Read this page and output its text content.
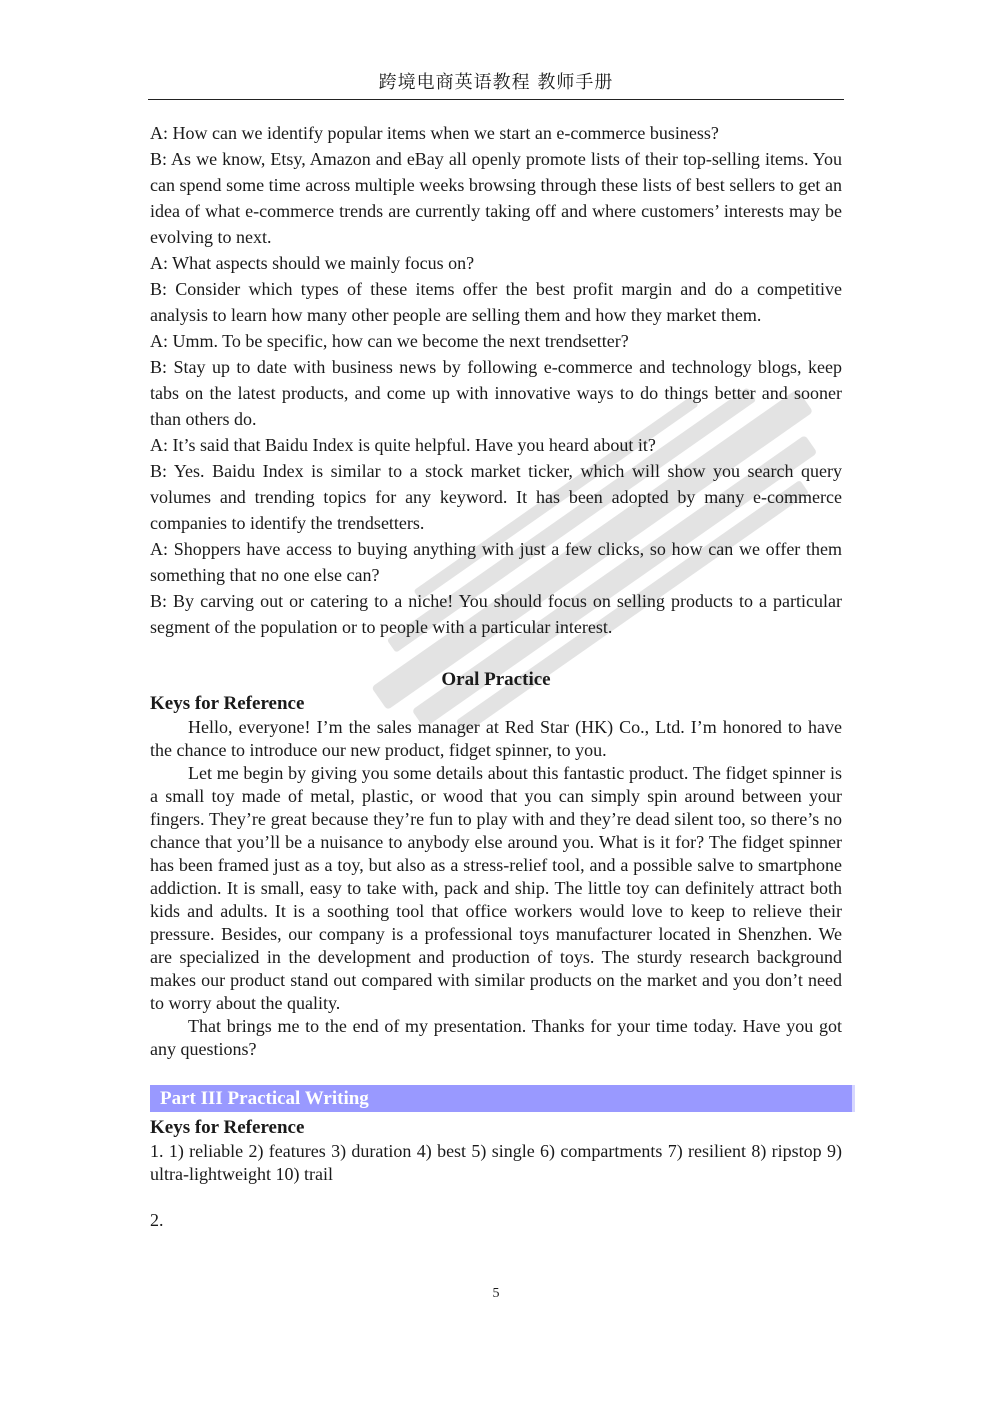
跨境电商英语教程 教师手册

A: How can we identify popular items when we start an e-commerce business?

B: As we know, Etsy, Amazon and eBay all openly promote lists of their top-selling items. You can spend some time across multiple weeks browsing through these lists of best sellers to get an idea of what e-commerce trends are currently taking off and where customers’ interests may be evolving to next.

A: What aspects should we mainly focus on?

B: Consider which types of these items offer the best profit margin and do a competitive analysis to learn how many other people are selling them and how they market them.

A: Umm. To be specific, how can we become the next trendsetter?

B: Stay up to date with business news by following e-commerce and technology blogs, keep tabs on the latest products, and come up with innovative ways to do things better and sooner than others do.

A: It’s said that Baidu Index is quite helpful. Have you heard about it?

B: Yes. Baidu Index is similar to a stock market ticker, which will show you search query volumes and trending topics for any keyword. It has been adopted by many e-commerce companies to identify the trendsetters.

A: Shoppers have access to buying anything with just a few clicks, so how can we offer them something that no one else can?

B: By carving out or catering to a niche! You should focus on selling products to a particular segment of the population or to people with a particular interest.

Oral Practice
Keys for Reference

Hello, everyone! I’m the sales manager at Red Star (HK) Co., Ltd. I’m honored to have the chance to introduce our new product, fidget spinner, to you.

Let me begin by giving you some details about this fantastic product. The fidget spinner is a small toy made of metal, plastic, or wood that you can simply spin around between your fingers. They’re great because they’re fun to play with and they’re dead silent too, so there’s no chance that you’ll be a nuisance to anybody else around you. What is it for? The fidget spinner has been framed just as a toy, but also as a stress-relief tool, and a possible salve to smartphone addiction. It is small, easy to take with, pack and ship. The little toy can definitely attract both kids and adults. It is a soothing tool that office workers would love to keep to relieve their pressure. Besides, our company is a professional toys manufacturer located in Shenzhen. We are specialized in the development and production of toys. The sturdy research background makes our product stand out compared with similar products on the market and you don’t need to worry about the quality.

That brings me to the end of my presentation. Thanks for your time today. Have you got any questions?

Part III Practical Writing
Keys for Reference

1. 1) reliable 2) features 3) duration 4) best 5) single 6) compartments 7) resilient 8) ripstop 9) ultra-lightweight 10) trail

2.

5
